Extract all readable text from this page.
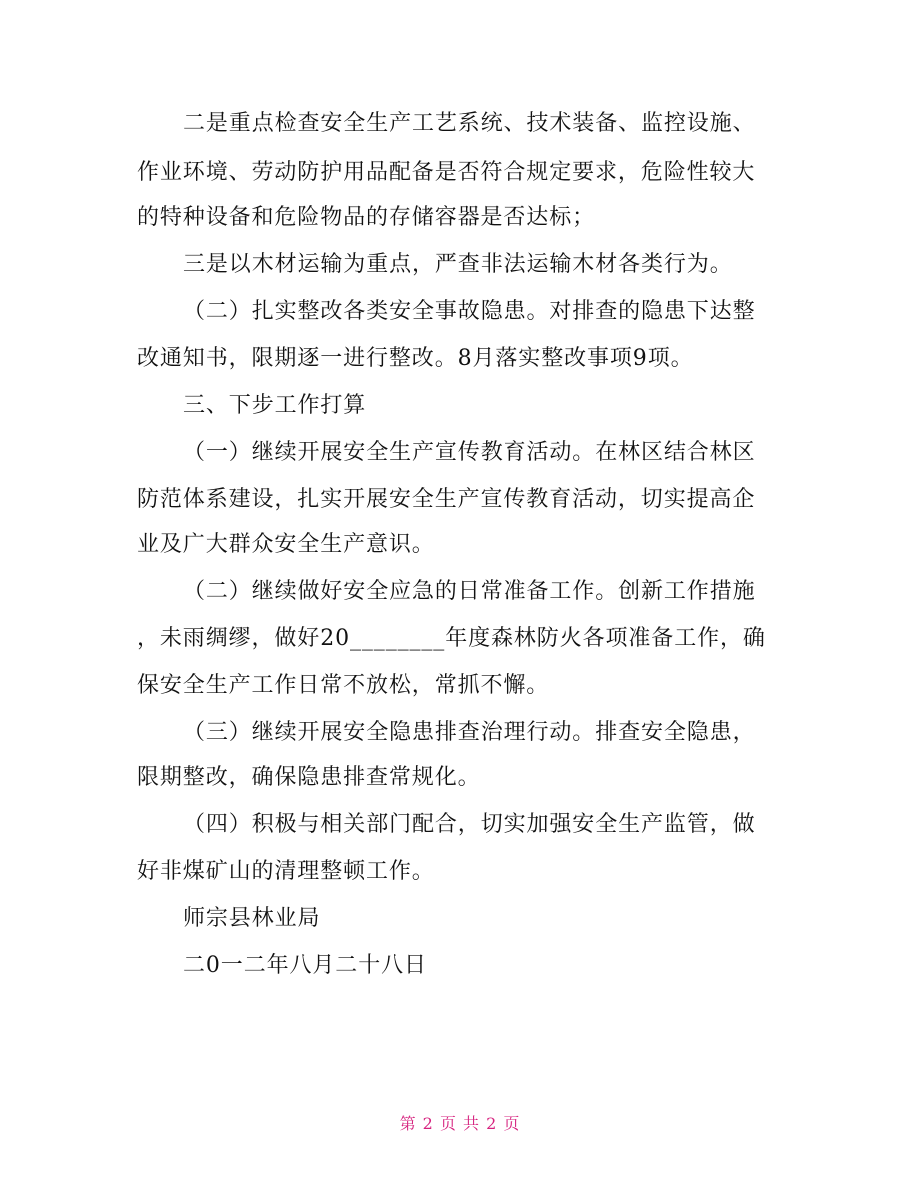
二是重点检查安全生产工艺系统、技术装备、监控设施、
作业环境、劳动防护用品配备是否符合规定要求，危险性较大
的特种设备和危险物品的存储容器是否达标；
三是以木材运输为重点，严查非法运输木材各类行为。
（二）扎实整改各类安全事故隐患。对排查的隐患下达整
改通知书，限期逐一进行整改。8月落实整改事项9项。
三、下步工作打算
（一）继续开展安全生产宣传教育活动。在林区结合林区
防范体系建设，扎实开展安全生产宣传教育活动，切实提高企
业及广大群众安全生产意识。
（二）继续做好安全应急的日常准备工作。创新工作措施
，未雨绸缪，做好20________年度森林防火各项准备工作，确
保安全生产工作日常不放松，常抓不懈。
（三）继续开展安全隐患排查治理行动。排查安全隐患，
限期整改，确保隐患排查常规化。
（四）积极与相关部门配合，切实加强安全生产监管，做
好非煤矿山的清理整顿工作。
师宗县林业局
二0一二年八月二十八日
第 2 页 共 2 页
